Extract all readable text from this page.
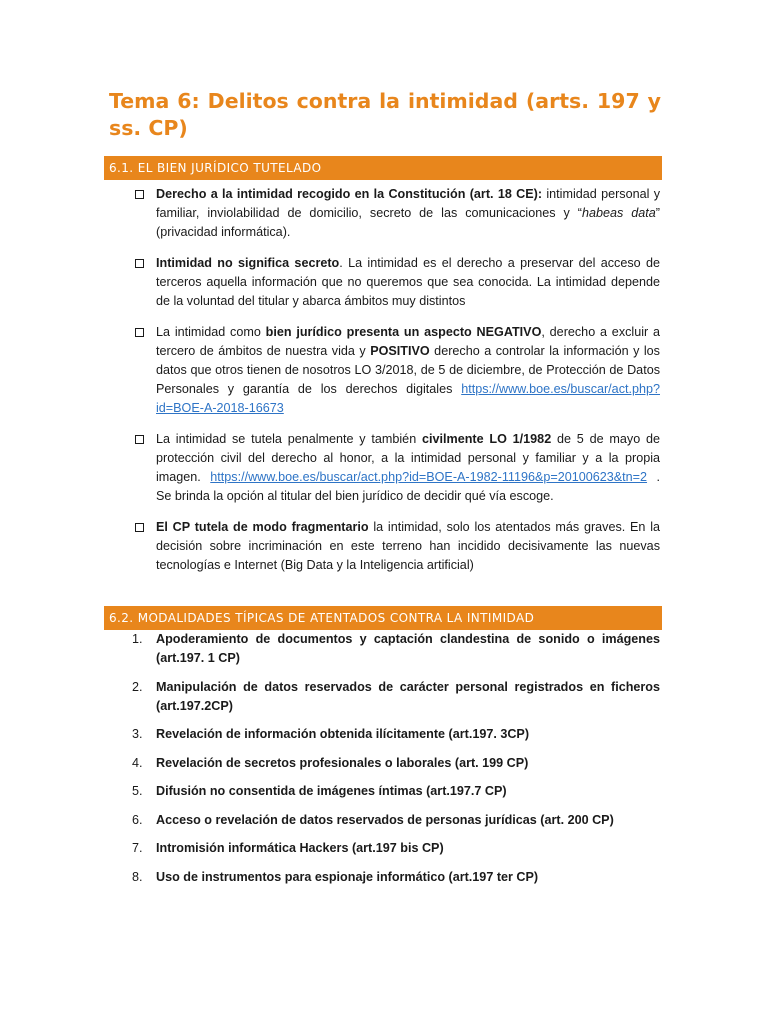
Tema 6: Delitos contra la intimidad (arts. 197 y ss. CP)
6.1. EL BIEN JURÍDICO TUTELADO
Derecho a la intimidad recogido en la Constitución (art. 18 CE): intimidad personal y familiar, inviolabilidad de domicilio, secreto de las comunicaciones y “habeas data” (privacidad informática).
Intimidad no significa secreto. La intimidad es el derecho a preservar del acceso de terceros aquella información que no queremos que sea conocida. La intimidad depende de la voluntad del titular y abarca ámbitos muy distintos
La intimidad como bien jurídico presenta un aspecto NEGATIVO, derecho a excluir a tercero de ámbitos de nuestra vida y POSITIVO derecho a controlar la información y los datos que otros tienen de nosotros LO 3/2018, de 5 de diciembre, de Protección de Datos Personales y garantía de los derechos digitales https://www.boe.es/buscar/act.php?id=BOE-A-2018-16673
La intimidad se tutela penalmente y también civilmente LO 1/1982 de 5 de mayo de protección civil del derecho al honor, a la intimidad personal y familiar y a la propia imagen. https://www.boe.es/buscar/act.php?id=BOE-A-1982-11196&p=20100623&tn=2 . Se brinda la opción al titular del bien jurídico de decidir qué vía escoge.
El CP tutela de modo fragmentario la intimidad, solo los atentados más graves. En la decisión sobre incriminación en este terreno han incidido decisivamente las nuevas tecnologías e Internet (Big Data y la Inteligencia artificial)
6.2. MODALIDADES TÍPICAS DE ATENTADOS CONTRA LA INTIMIDAD
1. Apoderamiento de documentos y captación clandestina de sonido o imágenes (art.197. 1 CP)
2. Manipulación de datos reservados de carácter personal registrados en ficheros (art.197.2CP)
3. Revelación de información obtenida ilícitamente (art.197. 3CP)
4. Revelación de secretos profesionales o laborales (art. 199 CP)
5. Difusión no consentida de imágenes íntimas (art.197.7 CP)
6. Acceso o revelación de datos reservados de personas jurídicas (art. 200 CP)
7. Intromisión informática Hackers (art.197 bis CP)
8. Uso de instrumentos para espionaje informático (art.197 ter CP)
